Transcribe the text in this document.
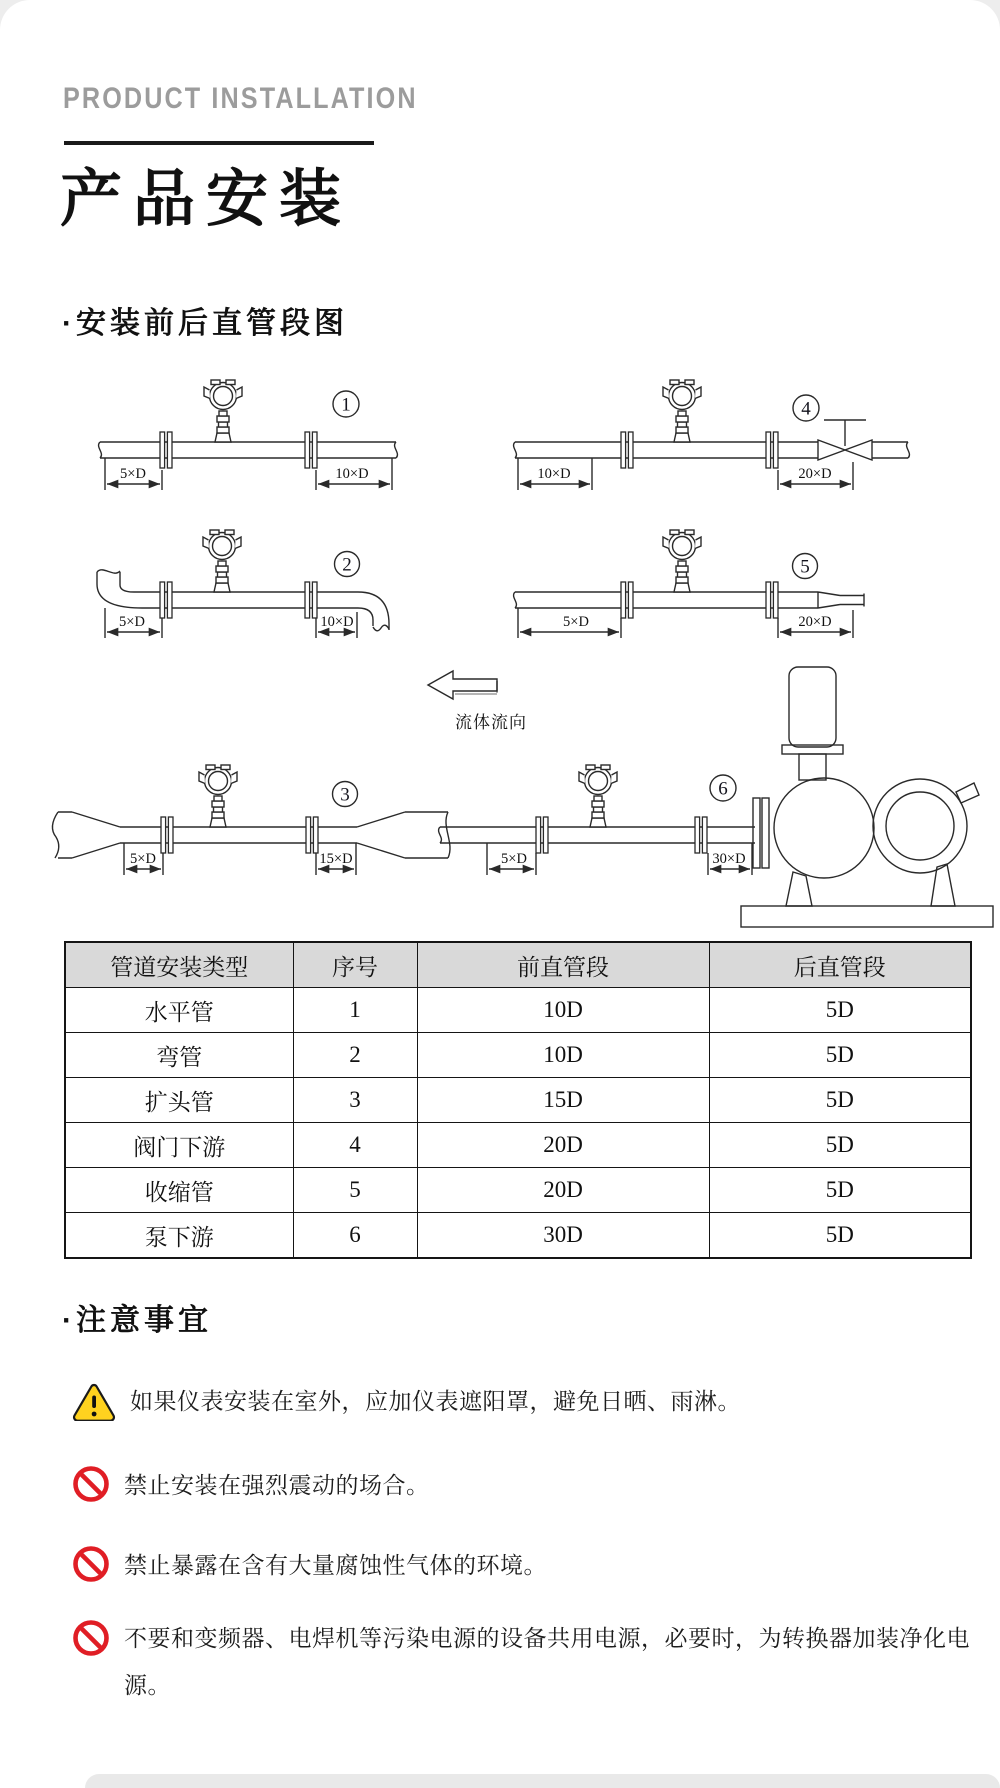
PRODUCT INSTALLATION
产品安装
·安装前后直管段图
5×D	10×D
1
10×D	20×D
4
5×D	10×D
2
5×D	20×D
5
流体流向
5×D	15×D
3
5×D	30×D
6
管道安装类型	序号	前直管段	后直管段
水平管	1	10D	5D
弯管	2	10D	5D
扩头管	3	15D	5D
阀门下游	4	20D	5D
收缩管	5	20D	5D
泵下游	6	30D	5D
·注意事宜
如果仪表安装在室外，应加仪表遮阳罩，避免日晒、雨淋。
禁止安装在强烈震动的场合。
禁止暴露在含有大量腐蚀性气体的环境。
不要和变频器、电焊机等污染电源的设备共用电源，必要时，为转换器加装净化电源。
